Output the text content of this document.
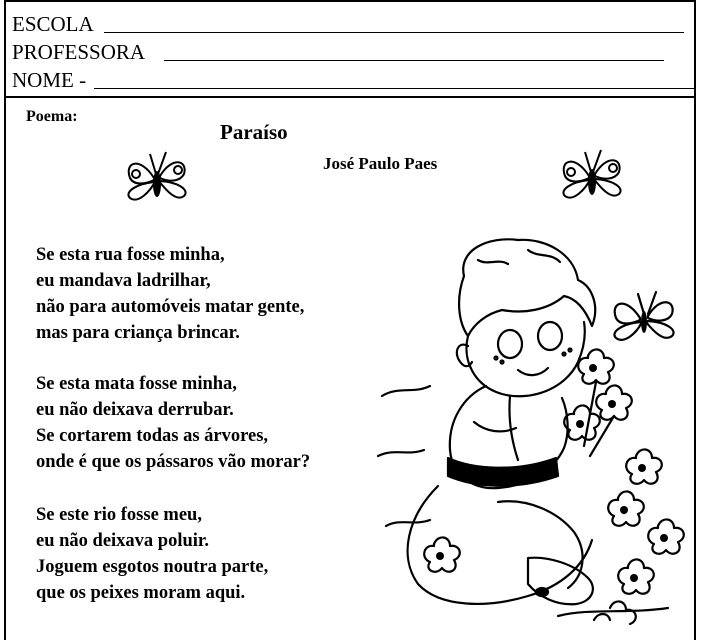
ESCOLA
PROFESSORA
NOME -
Poema:
Paraíso
José Paulo Paes
Se esta rua fosse minha,
eu mandava ladrilhar,
não para automóveis matar gente,
mas para criança brincar.
Se esta mata fosse minha,
eu não deixava derrubar.
Se cortarem todas as árvores,
onde é que os pássaros vão morar?
Se este rio fosse meu,
eu não deixava poluir.
Joguem esgotos noutra parte,
que os peixes moram aqui.
